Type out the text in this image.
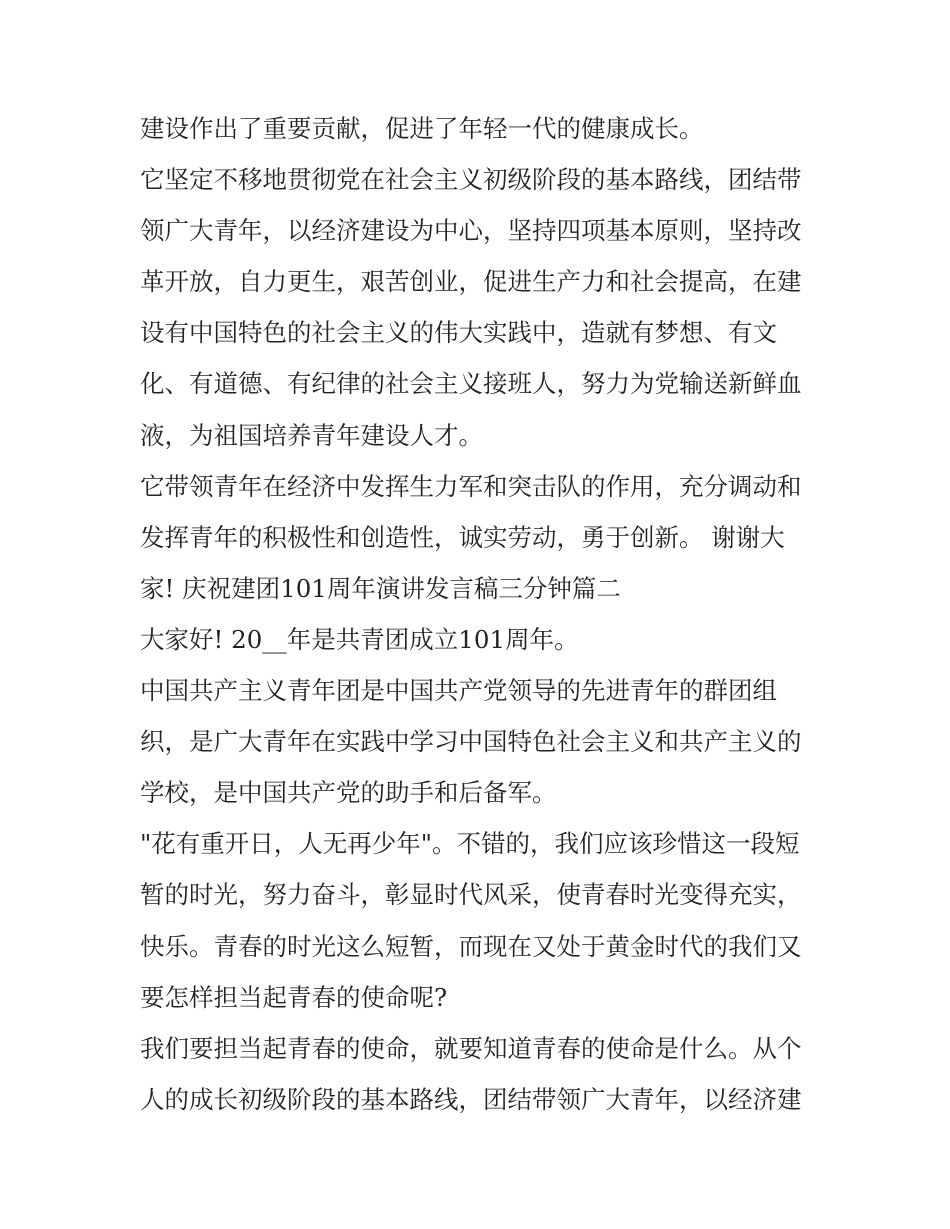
建设作出了重要贡献，促进了年轻一代的健康成长。
它坚定不移地贯彻党在社会主义初级阶段的基本路线，团结带
领广大青年，以经济建设为中心，坚持四项基本原则，坚持改
革开放，自力更生，艰苦创业，促进生产力和社会提高，在建
设有中国特色的社会主义的伟大实践中，造就有梦想、有文
化、有道德、有纪律的社会主义接班人，努力为党输送新鲜血
液，为祖国培养青年建设人才。
它带领青年在经济中发挥生力军和突击队的作用，充分调动和
发挥青年的积极性和创造性，诚实劳动，勇于创新。 谢谢大
家! 庆祝建团101周年演讲发言稿三分钟篇二
大家好! 20__年是共青团成立101周年。
中国共产主义青年团是中国共产党领导的先进青年的群团组
织，是广大青年在实践中学习中国特色社会主义和共产主义的
学校，是中国共产党的助手和后备军。
"花有重开日，人无再少年"。不错的，我们应该珍惜这一段短
暂的时光，努力奋斗，彰显时代风采，使青春时光变得充实，
快乐。青春的时光这么短暂，而现在又处于黄金时代的我们又
要怎样担当起青春的使命呢?
我们要担当起青春的使命，就要知道青春的使命是什么。从个
人的成长初级阶段的基本路线，团结带领广大青年，以经济建
